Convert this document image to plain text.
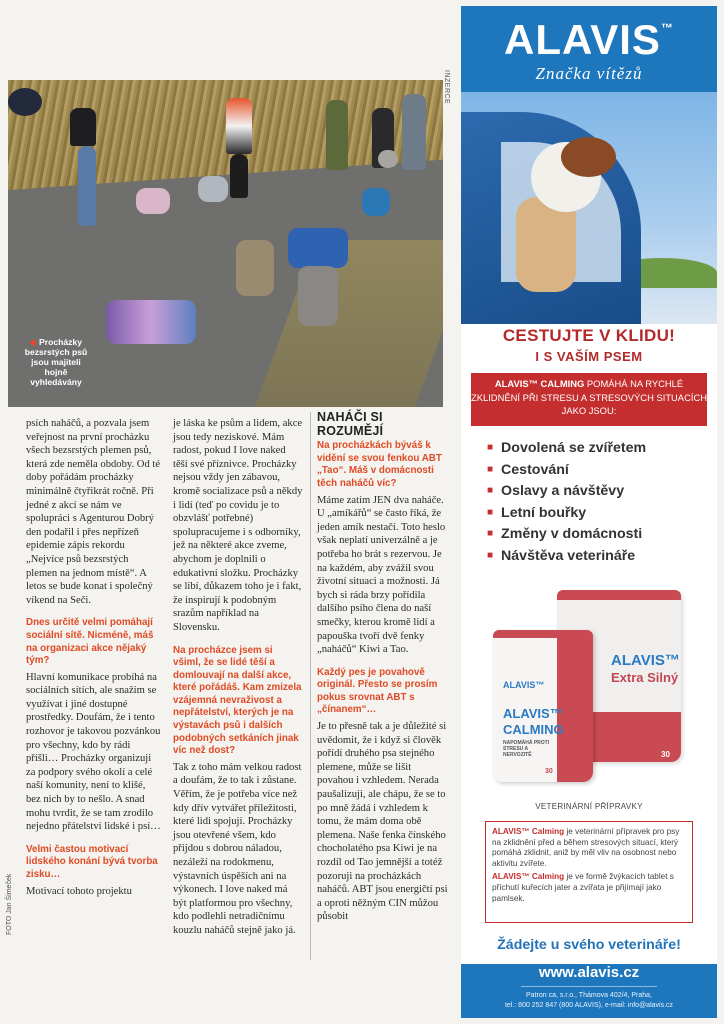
INZERCE
FOTO Jan Šimeček
◆ Procházky bezsrstých psů jsou majiteli hojně vyhledávány

psích naháčů, a pozvala jsem veřejnost na první procházku všech bezsrstých plemen psů, která zde neměla obdoby. Od té doby pořádám procházky minimálně čtyřikrát ročně. Při jedné z akcí se nám ve spolupráci s Agenturou Dobrý den podařil i přes nepřízeň epidemie zápis rekordu „Nejvíce psů bezsrstých plemen na jednom místě“. A letos se bude konat i společný víkend na Seči.

Dnes určitě velmi pomáhají sociální sítě. Nicméně, máš na organizaci akce nějaký tým?

Hlavní komunikace probíhá na sociálních sítích, ale snažím se využívat i jiné dostupné prostředky. Doufám, že i tento rozhovor je takovou pozvánkou pro všechny, kdo by rádi přišli… Procházky organizuji za podpory svého okolí a celé naší komunity, není to klišé, bez nich by to nešlo. A snad mohu tvrdit, že se tam zrodilo nejedno přátelství lidské i psí…

Velmi častou motivací lidského konání bývá tvorba zisku…

Motivací tohoto projektu

je láska ke psům a lidem, akce jsou tedy neziskové. Mám radost, pokud I love naked těší své příznivce. Procházky nejsou vždy jen zábavou, kromě socializace psů a někdy i lidí (teď po covidu je to obzvlášť potřebné) spolupracujeme i s odborníky, jež na některé akce zveme, abychom je doplnili o edukativní složku. Procházky se líbí, důkazem toho je i fakt, že inspirují k podobným srazům například na Slovensku.

Na procházce jsem si všiml, že se lidé těší a domlouvají na další akce, které pořádáš. Kam zmizela vzájemná nevraživost a nepřátelství, kterých je na výstavách psů i dalších podobných setkáních jinak víc než dost?

Tak z toho mám velkou radost a doufám, že to tak i zůstane. Věřím, že je potřeba více než kdy dřív vytvářet příležitosti, které lidi spojují. Procházky jsou otevřené všem, kdo přijdou s dobrou náladou, nezáleží na rodokmenu, výstavních úspěších ani na výkonech. I love naked má být platformou pro všechny, kdo podlehli netradičnímu kouzlu naháčů stejně jako já.

NAHÁČI SI ROZUMĚJÍ

Na procházkách býváš k vidění se svou fenkou ABT „Tao“. Máš v domácnosti těch naháčů víc?

Máme zatím JEN dva naháče. U „amíkářů“ se často říká, že jeden amík nestačí. Toto heslo však neplatí univerzálně a je potřeba ho brát s rezervou. Je na každém, aby zvážil svou životní situaci a možnosti. Já bych si ráda brzy pořídila dalšího psího člena do naší smečky, kterou kromě lidí a papouška tvoří dvě fenky „naháčů“ Kiwi a Tao.

Každý pes je povahově originál. Přesto se prosím pokus srovnat ABT s „čínanem“…

Je to přesně tak a je důležité si uvědomit, že i když si člověk pořídí druhého psa stejného plemene, může se lišit povahou i vzhledem. Nerada paušalizuji, ale chápu, že se to po mně žádá i vzhledem k tomu, že mám doma obě plemena. Naše fenka čínského chocholatého psa Kiwi je na rozdíl od Tao jemnější a totéž pozoruji na procházkách naháčů. ABT jsou energičtí psi a oproti něžným CIN můžou působit

ALAVIS™
Značka vítězů
CESTUJTE V KLIDU!
I S VAŠÍM PSEM
ALAVIS™ CALMING POMÁHÁ NA RYCHLÉ ZKLIDNĚNÍ PŘI STRESU A STRESOVÝCH SITUACÍCH JAKO JSOU:
■ Dovolená se zvířetem
■ Cestování
■ Oslavy a návštěvy
■ Letní bouřky
■ Změny v domácnosti
■ Návštěva veterináře
ALAVIS™
Extra Silný
30
ALAVIS™
ALAVIS™
CALMING
NAPOMÁHÁ PROTI STRESU A NERVOZITĚ
30
VETERINÁRNÍ PŘÍPRAVKY
ALAVIS™ Calming je veterinární přípravek pro psy na zklidnění před a během stresových situací, který pomáhá zklidnit, aniž by měl vliv na osobnost nebo aktivitu zvířete.
ALAVIS™ Calming je ve formě žvýkacích tablet s příchutí kuřecích jater a zvířata je přijímají jako pamlsek.
Žádejte u svého veterináře!
www.alavis.cz
Patron ca, s.r.o., Thámova 402/4, Praha,
tel.: 800 252 847 (800 ALAVIS), e-mail: info@alavis.cz
